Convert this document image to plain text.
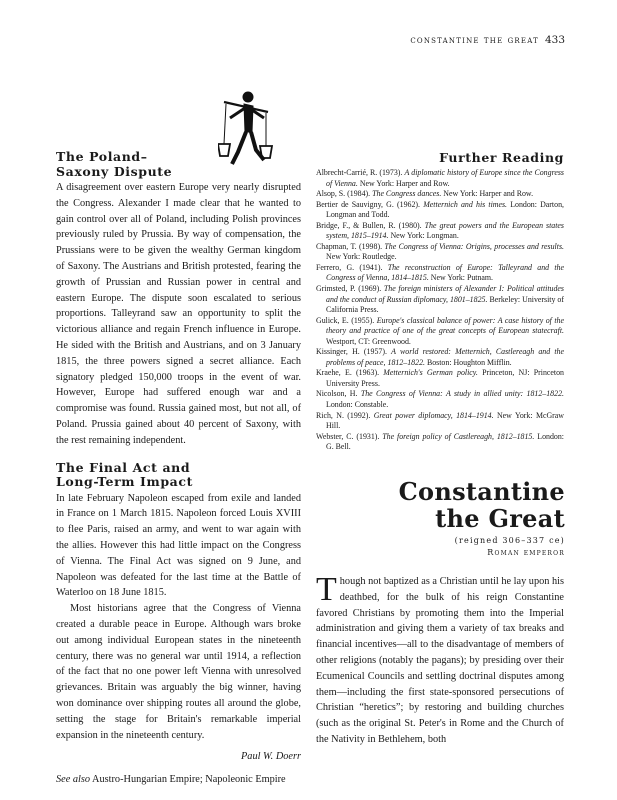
constantine the great 433
The Poland–
Saxony Dispute

A disagreement over eastern Europe very nearly disrupted the Congress. Alexander I made clear that he wanted to gain control over all of Poland, including Polish provinces previously ruled by Prussia. By way of compensation, the Prussians were to be given the wealthy German kingdom of Saxony. The Austrians and British protested, fearing the growth of Prussian and Russian power in central and eastern Europe. The dispute soon escalated to serious proportions. Talleyrand saw an opportunity to split the victorious alliance and regain French influence in Europe. He sided with the British and Austrians, and on 3 January 1815, the three powers signed a secret alliance. Each signatory pledged 150,000 troops in the event of war. However, Europe had suffered enough war and a compromise was found. Russia gained most, but not all, of Poland. Prussia gained about 40 percent of Saxony, with the rest remaining independent.

The Final Act and
Long-Term Impact

In late February Napoleon escaped from exile and landed in France on 1 March 1815. Napoleon forced Louis XVIII to flee Paris, raised an army, and went to war again with the allies. However this had little impact on the Congress of Vienna. The Final Act was signed on 9 June, and Napoleon was defeated for the last time at the Battle of Waterloo on 18 June 1815.

Most historians agree that the Congress of Vienna created a durable peace in Europe. Although wars broke out among individual European states in the nineteenth century, there was no general war until 1914, a reflection of the fact that no one power left Vienna with unresolved grievances. Britain was arguably the big winner, having won dominance over shipping routes all around the globe, setting the stage for Britain's remarkable imperial expansion in the nineteenth century.

Paul W. Doerr

See also Austro-Hungarian Empire; Napoleonic Empire

Further Reading
Albrecht-Carrié, R. (1973). A diplomatic history of Europe since the Congress of Vienna. New York: Harper and Row.
Alsop, S. (1984). The Congress dances. New York: Harper and Row.
Bertier de Sauvigny, G. (1962). Metternich and his times. London: Darton, Longman and Todd.
Bridge, F., & Bullen, R. (1980). The great powers and the European states system, 1815–1914. New York: Longman.
Chapman, T. (1998). The Congress of Vienna: Origins, processes and results. New York: Routledge.
Ferrero, G. (1941). The reconstruction of Europe: Talleyrand and the Congress of Vienna, 1814–1815. New York: Putnam.
Grimsted, P. (1969). The foreign ministers of Alexander I: Political attitudes and the conduct of Russian diplomacy, 1801–1825. Berkeley: University of California Press.
Gulick, E. (1955). Europe's classical balance of power: A case history of the theory and practice of one of the great concepts of European statecraft. Westport, CT: Greenwood.
Kissinger, H. (1957). A world restored: Metternich, Castlereagh and the problems of peace, 1812–1822. Boston: Houghton Mifflin.
Kraehe, E. (1963). Metternich's German policy. Princeton, NJ: Princeton University Press.
Nicolson, H. The Congress of Vienna: A study in allied unity: 1812–1822. London: Constable.
Rich, N. (1992). Great power diplomacy, 1814–1914. New York: McGraw Hill.
Webster, C. (1931). The foreign policy of Castlereagh, 1812–1815. London: G. Bell.
Constantine
the Great
(reigned 306–337 ce)
Roman emperor

Though not baptized as a Christian until he lay upon his deathbed, for the bulk of his reign Constantine favored Christians by promoting them into the Imperial administration and giving them a variety of tax breaks and financial incentives—all to the disadvantage of members of other religions (notably the pagans); by presiding over their Ecumenical Councils and settling doctrinal disputes among them—including the first state-sponsored persecutions of Christian “heretics”; by restoring and building churches (such as the original St. Peter's in Rome and the Church of the Nativity in Bethlehem, both
